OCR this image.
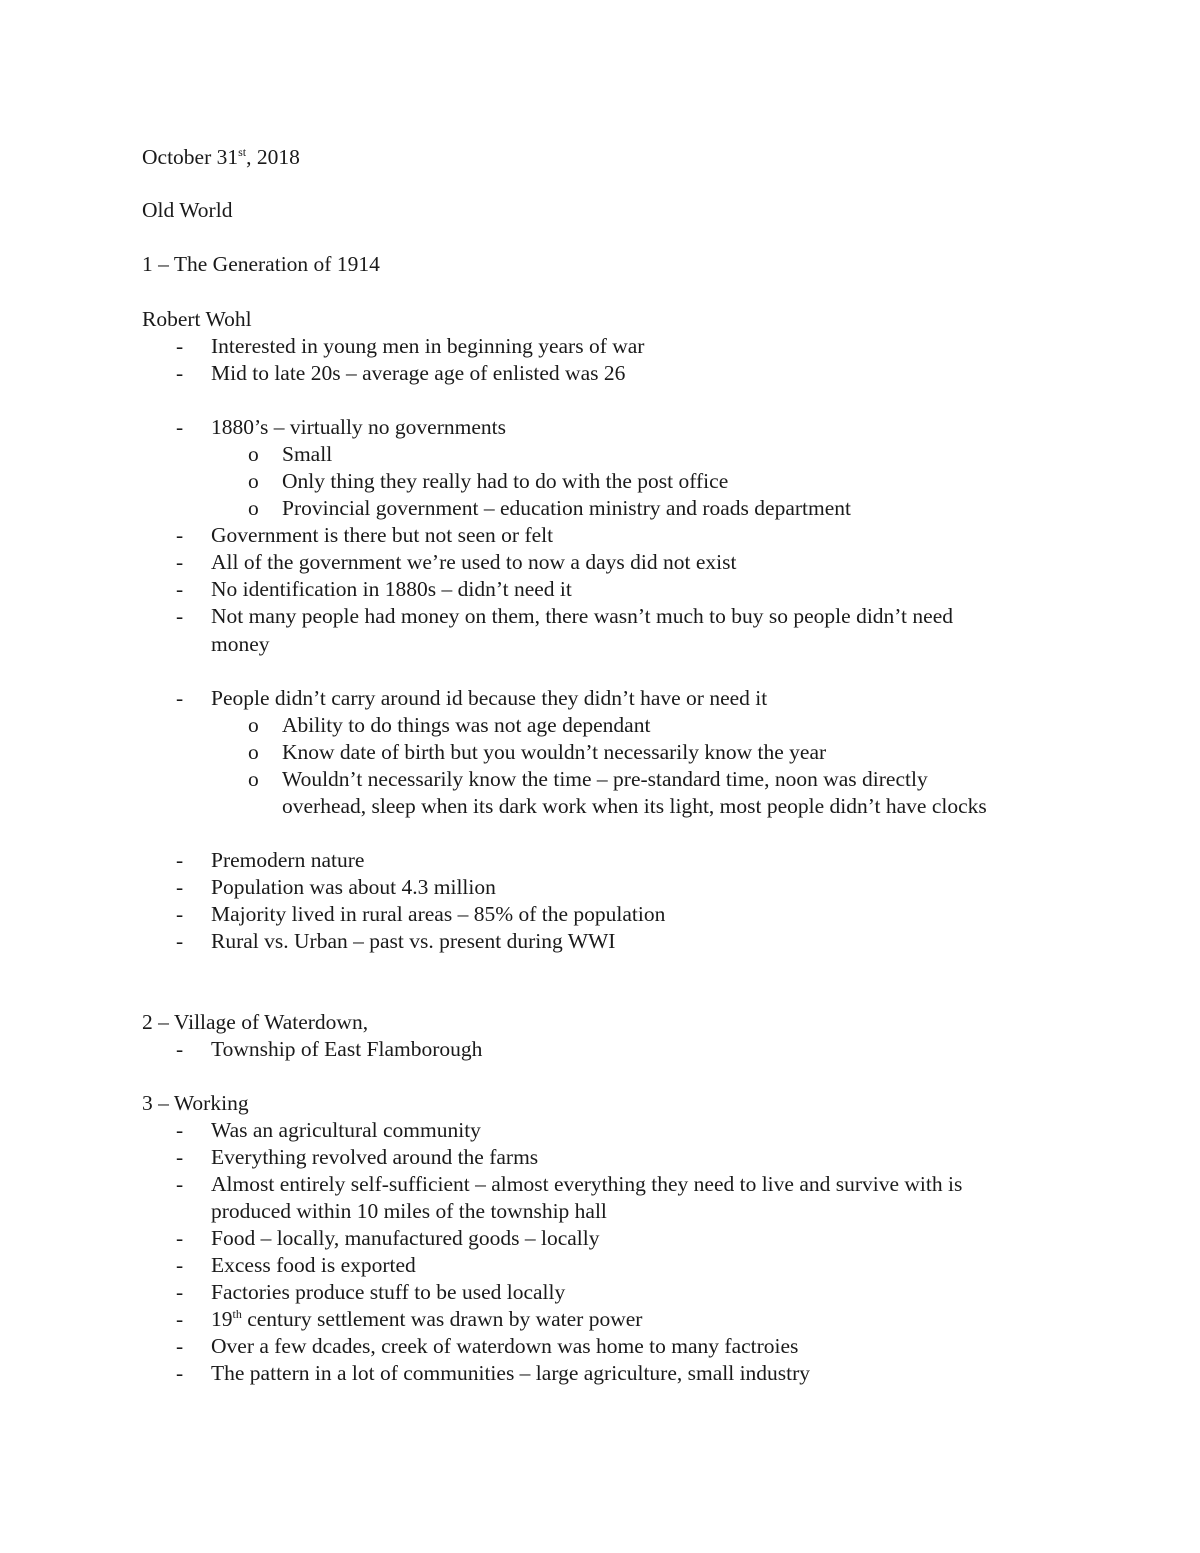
October 31st, 2018
Old World
1 – The Generation of 1914
Robert Wohl
- Interested in young men in beginning years of war
- Mid to late 20s – average age of enlisted was 26
- 1880’s – virtually no governments
o Small
o Only thing they really had to do with the post office
o Provincial government – education ministry and roads department
- Government is there but not seen or felt
- All of the government we’re used to now a days did not exist
- No identification in 1880s – didn’t need it
- Not many people had money on them, there wasn’t much to buy so people didn’t need
money
- People didn’t carry around id because they didn’t have or need it
o Ability to do things was not age dependant
o Know date of birth but you wouldn’t necessarily know the year
o Wouldn’t necessarily know the time – pre-standard time, noon was directly
overhead, sleep when its dark work when its light, most people didn’t have clocks
- Premodern nature
- Population was about 4.3 million
- Majority lived in rural areas – 85% of the population
- Rural vs. Urban – past vs. present during WWI
2 – Village of Waterdown,
- Township of East Flamborough
3 – Working
- Was an agricultural community
- Everything revolved around the farms
- Almost entirely self-sufficient – almost everything they need to live and survive with is
produced within 10 miles of the township hall
- Food – locally, manufactured goods – locally
- Excess food is exported
- Factories produce stuff to be used locally
- 19th century settlement was drawn by water power
- Over a few dcades, creek of waterdown was home to many factroies
- The pattern in a lot of communities – large agriculture, small industry
